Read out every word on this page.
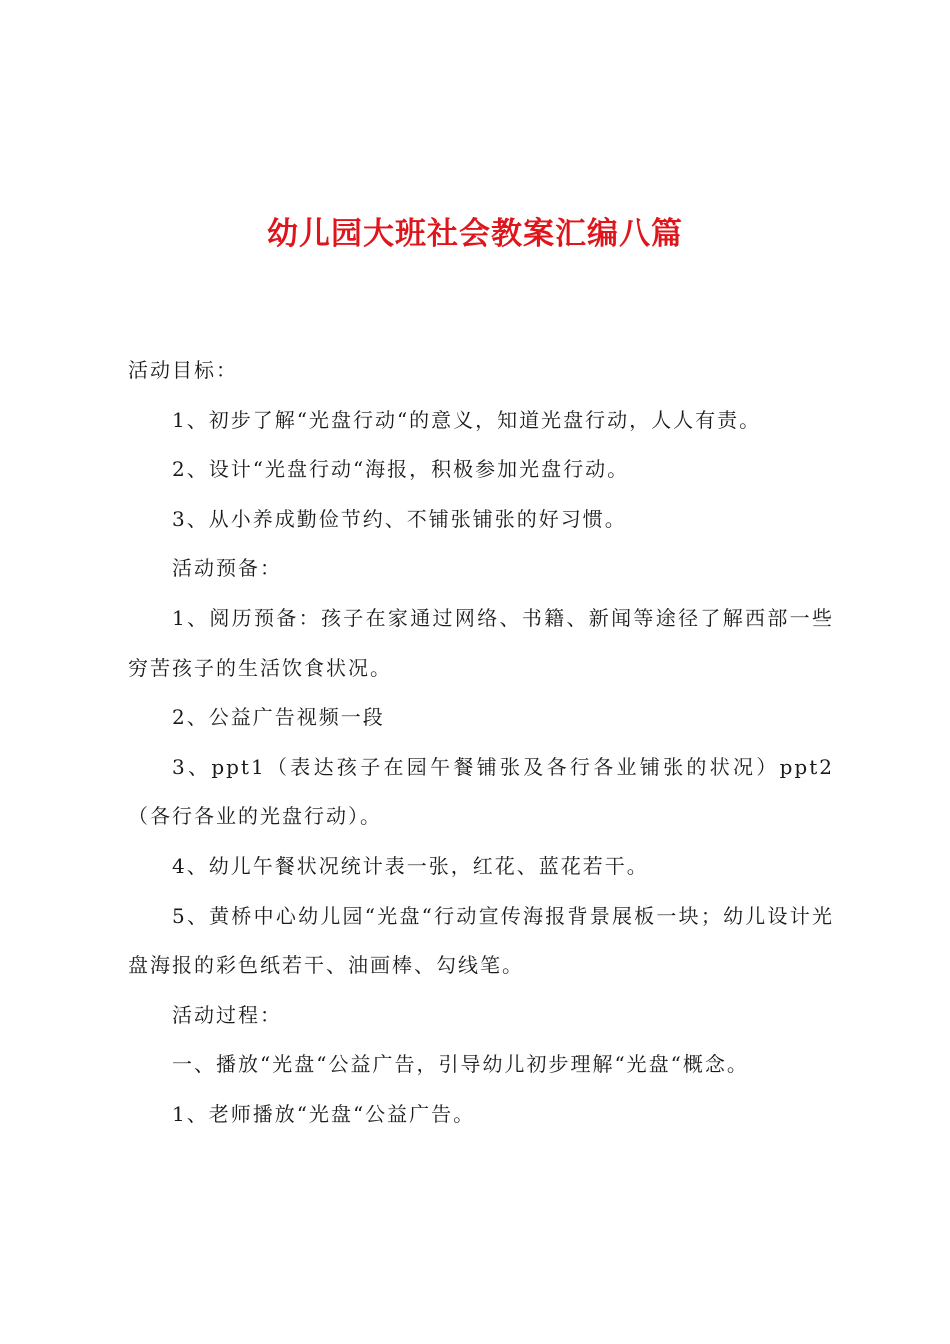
幼儿园大班社会教案汇编八篇

活动目标：

1、初步了解“光盘行动“的意义，知道光盘行动，人人有责。

2、设计“光盘行动“海报，积极参加光盘行动。

3、从小养成勤俭节约、不铺张铺张的好习惯。

活动预备：

1、阅历预备：孩子在家通过网络、书籍、新闻等途径了解西部一些穷苦孩子的生活饮食状况。

2、公益广告视频一段

3、ppt1（表达孩子在园午餐铺张及各行各业铺张的状况）ppt2（各行各业的光盘行动）。

4、幼儿午餐状况统计表一张，红花、蓝花若干。

5、黄桥中心幼儿园“光盘“行动宣传海报背景展板一块；幼儿设计光盘海报的彩色纸若干、油画棒、勾线笔。

活动过程：

一、播放“光盘“公益广告，引导幼儿初步理解“光盘“概念。

1、老师播放“光盘“公益广告。
